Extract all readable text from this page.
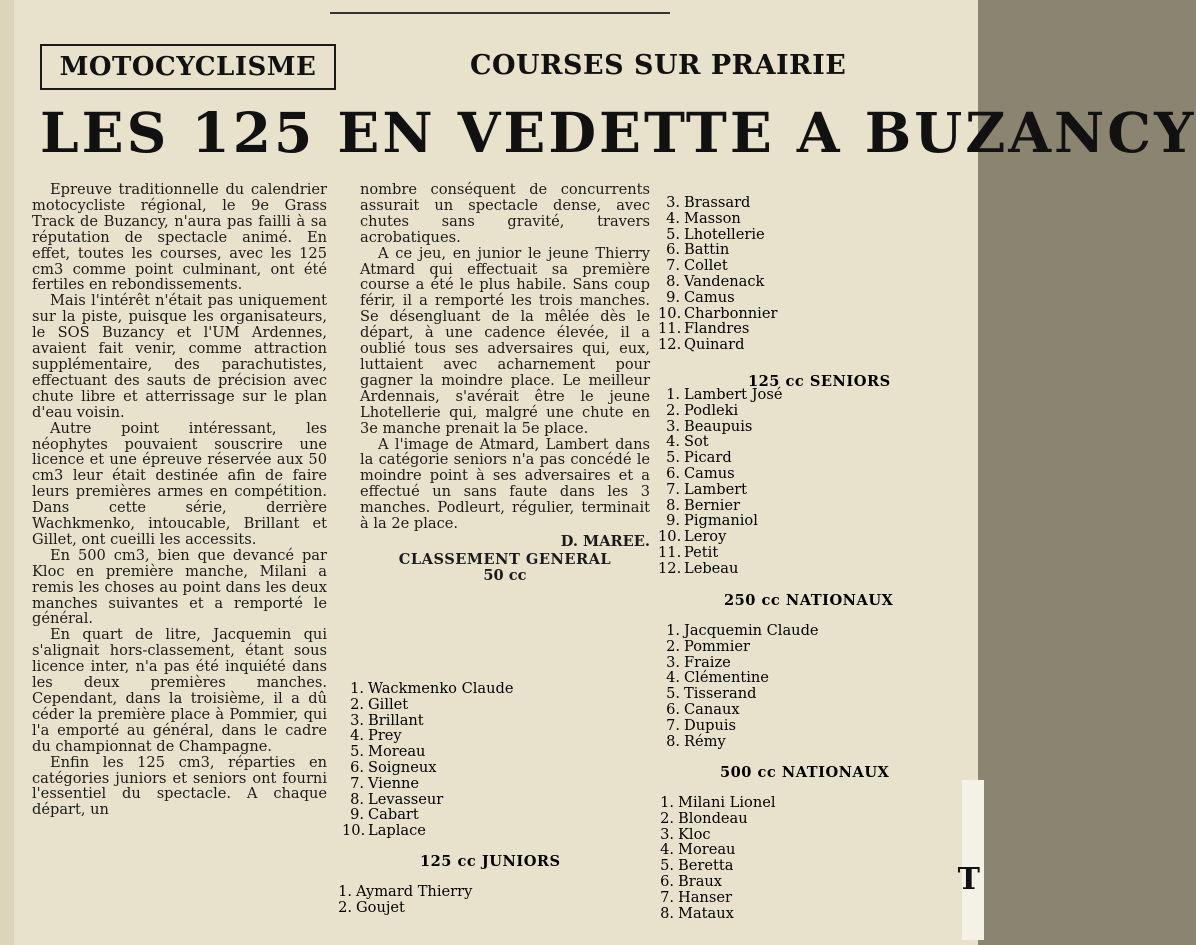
MOTOCYCLISME	COURSES SUR PRAIRIE
LES 125 EN VEDETTE A BUZANCY

Epreuve traditionnelle du calendrier motocycliste régional, le 9e Grass Track de Buzancy, n'aura pas failli à sa réputation de spectacle animé. En effet, toutes les courses, avec les 125 cm3 comme point culminant, ont été fertiles en rebondissements.

Mais l'intérêt n'était pas uniquement sur la piste, puisque les organisateurs, le SOS Buzancy et l'UM Ardennes, avaient fait venir, comme attraction supplémentaire, des parachutistes, effectuant des sauts de précision avec chute libre et atterrissage sur le plan d'eau voisin.

Autre point intéressant, les néophytes pouvaient souscrire une licence et une épreuve réservée aux 50 cm3 leur était destinée afin de faire leurs premières armes en compétition. Dans cette série, derrière Wachkmenko, intoucable, Brillant et Gillet, ont cueilli les accessits.

En 500 cm3, bien que devancé par Kloc en première manche, Milani a remis les choses au point dans les deux manches suivantes et a remporté le général.

En quart de litre, Jacquemin qui s'alignait hors-classement, étant sous licence inter, n'a pas été inquiété dans les deux premières manches. Cependant, dans la troisième, il a dû céder la première place à Pommier, qui l'a emporté au général, dans le cadre du championnat de Champagne.

Enfin les 125 cm3, réparties en catégories juniors et seniors ont fourni l'essentiel du spectacle. A chaque départ, un

nombre conséquent de concurrents assurait un spectacle dense, avec chutes sans gravité, travers acrobatiques.

A ce jeu, en junior le jeune Thierry Atmard qui effectuait sa première course a été le plus habile. Sans coup férir, il a remporté les trois manches. Se désengluant de la mêlée dès le départ, à une cadence élevée, il a oublié tous ses adversaires qui, eux, luttaient avec acharnement pour gagner la moindre place. Le meilleur Ardennais, s'avérait être le jeune Lhotellerie qui, malgré une chute en 3e manche prenait la 5e place.

A l'image de Atmard, Lambert dans la catégorie seniors n'a pas concédé le moindre point à ses adversaires et a effectué un sans faute dans les 3 manches. Podleurt, régulier, terminait à la 2e place.

D. MAREE.
CLASSEMENT GENERAL
50 cc
1. Wackmenko Claude
2. Gillet
3. Brillant
4. Prey
5. Moreau
6. Soigneux
7. Vienne
8. Levasseur
9. Cabart
10. Laplace
125 cc JUNIORS
1. Aymard Thierry
2. Goujet
3. Brassard
4. Masson
5. Lhotellerie
6. Battin
7. Collet
8. Vandenack
9. Camus
10. Charbonnier
11. Flandres
12. Quinard
125 cc SENIORS
1. Lambert José
2. Podleki
3. Beaupuis
4. Sot
5. Picard
6. Camus
7. Lambert
8. Bernier
9. Pigmaniol
10. Leroy
11. Petit
12. Lebeau
250 cc NATIONAUX
1. Jacquemin Claude
2. Pommier
3. Fraize
4. Clémentine
5. Tisserand
6. Canaux
7. Dupuis
8. Rémy
500 cc NATIONAUX
1. Milani Lionel
2. Blondeau
3. Kloc
4. Moreau
5. Beretta
6. Braux
7. Hanser
8. Mataux
T
